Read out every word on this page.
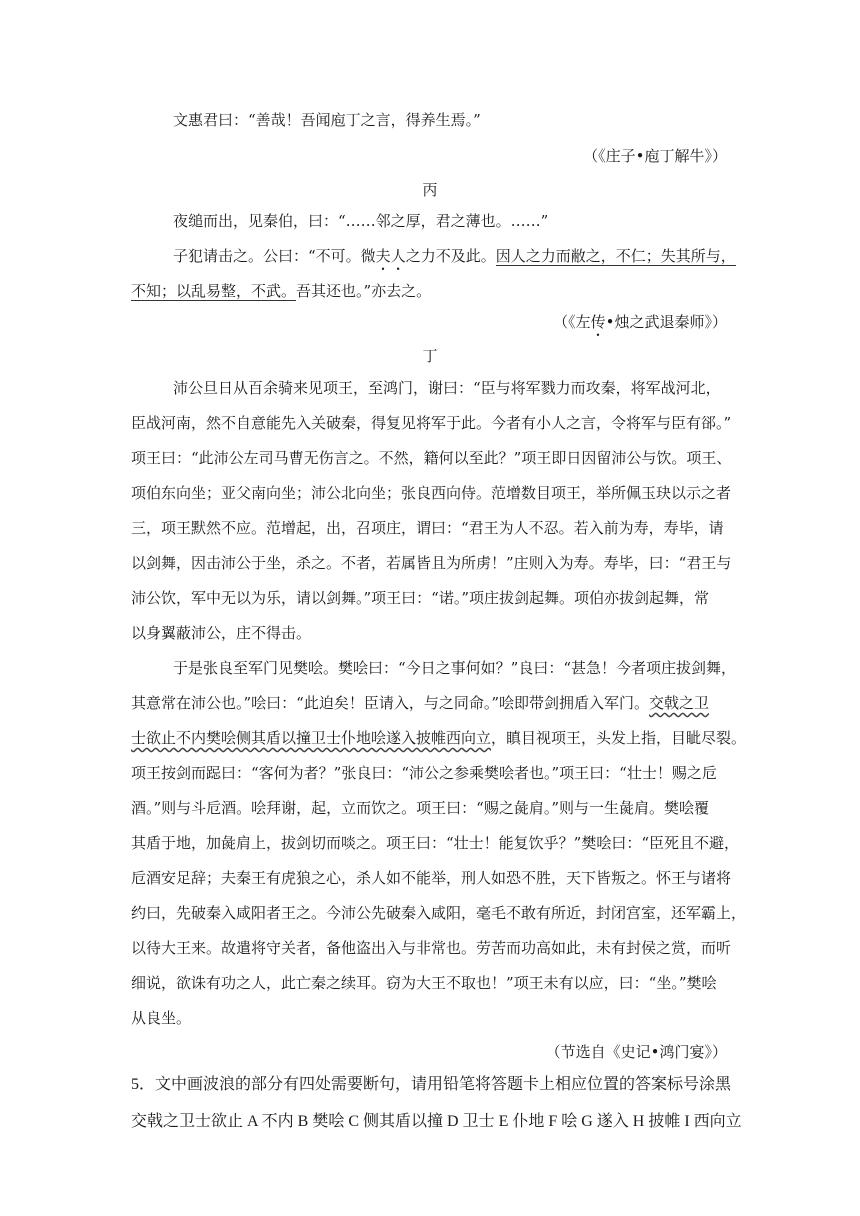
文惠君曰：“善哉！吾闻庖丁之言，得养生焉。”
（《庄子•庖丁解牛》）
丙
夜缒而出，见秦伯，曰：“……邻之厚，君之薄也。……”
子犯请击之。公曰：“不可。微夫人之力不及此。因人之力而敝之，不仁；失其所与，
不知；以乱易整，不武。吾其还也。”亦去之。
（《左传•烛之武退秦师》）
丁
沛公旦日从百余骑来见项王，至鸿门，谢曰：“臣与将军戮力而攻秦，将军战河北，
臣战河南，然不自意能先入关破秦，得复见将军于此。今者有小人之言，令将军与臣有郤。”
项王曰：“此沛公左司马曹无伤言之。不然，籍何以至此？”项王即日因留沛公与饮。项王、
项伯东向坐；亚父南向坐；沛公北向坐；张良西向侍。范增数目项王，举所佩玉玦以示之者
三，项王默然不应。范增起，出，召项庄，谓曰：“君王为人不忍。若入前为寿，寿毕，请
以剑舞，因击沛公于坐，杀之。不者，若属皆且为所虏！”庄则入为寿。寿毕，曰：“君王与
沛公饮，军中无以为乐，请以剑舞。”项王曰：“诺。”项庄拔剑起舞。项伯亦拔剑起舞，常
以身翼蔽沛公，庄不得击。
于是张良至军门见樊哙。樊哙曰：“今日之事何如？”良曰：“甚急！今者项庄拔剑舞，
其意常在沛公也。”哙曰：“此迫矣！臣请入，与之同命。”哙即带剑拥盾入军门。交戟之卫
士欲止不内樊哙侧其盾以撞卫士仆地哙遂入披帷西向立，瞋目视项王，头发上指，目眦尽裂。
项王按剑而跽曰：“客何为者？”张良曰：“沛公之参乘樊哙者也。”项王曰：“壮士！赐之卮
酒。”则与斗卮酒。哙拜谢，起，立而饮之。项王曰：“赐之彘肩。”则与一生彘肩。樊哙覆
其盾于地，加彘肩上，拔剑切而啖之。项王曰：“壮士！能复饮乎？”樊哙曰：“臣死且不避，
卮酒安足辞；夫秦王有虎狼之心，杀人如不能举，刑人如恐不胜，天下皆叛之。怀王与诸将
约曰，先破秦入咸阳者王之。今沛公先破秦入咸阳，毫毛不敢有所近，封闭宫室，还军霸上，
以待大王来。故遣将守关者，备他盗出入与非常也。劳苦而功高如此，未有封侯之赏，而听
细说，欲诛有功之人，此亡秦之续耳。窃为大王不取也！”项王未有以应，曰：“坐。”樊哙
从良坐。
（节选自《史记•鸿门宴》）
5．文中画波浪的部分有四处需要断句，请用铅笔将答题卡上相应位置的答案标号涂黑
交戟之卫士欲止 A 不内 B 樊哙 C 侧其盾以撞 D 卫士 E 仆地 F 哙 G 遂入 H 披帷 I 西向立
